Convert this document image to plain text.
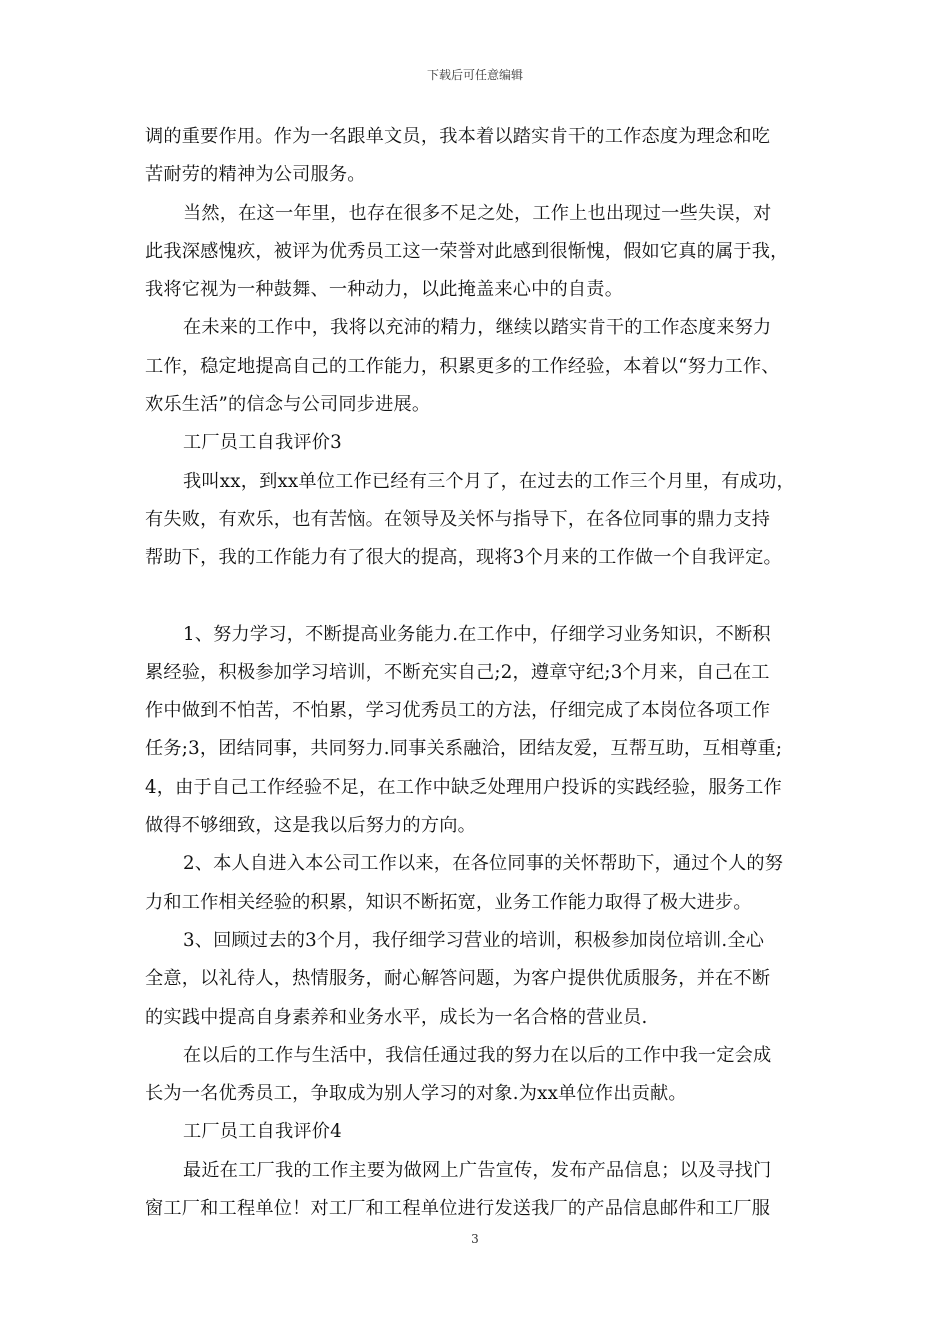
下载后可任意编辑
调的重要作用。作为一名跟单文员，我本着以踏实肯干的工作态度为理念和吃
苦耐劳的精神为公司服务。
当然，在这一年里，也存在很多不足之处，工作上也出现过一些失误，对
此我深感愧疚，被评为优秀员工这一荣誉对此感到很惭愧，假如它真的属于我，
我将它视为一种鼓舞、一种动力，以此掩盖来心中的自责。
在未来的工作中，我将以充沛的精力，继续以踏实肯干的工作态度来努力
工作，稳定地提高自己的工作能力，积累更多的工作经验，本着以“努力工作、
欢乐生活”的信念与公司同步进展。
工厂员工自我评价3
我叫xx，到xx单位工作已经有三个月了，在过去的工作三个月里，有成功，
有失败，有欢乐，也有苦恼。在领导及关怀与指导下，在各位同事的鼎力支持
帮助下，我的工作能力有了很大的提高，现将3个月来的工作做一个自我评定。
1、努力学习，不断提高业务能力.在工作中，仔细学习业务知识，不断积
累经验，积极参加学习培训，不断充实自己;2，遵章守纪;3个月来，自己在工
作中做到不怕苦，不怕累，学习优秀员工的方法，仔细完成了本岗位各项工作
任务;3，团结同事，共同努力.同事关系融洽，团结友爱，互帮互助，互相尊重;
4，由于自己工作经验不足，在工作中缺乏处理用户投诉的实践经验，服务工作
做得不够细致，这是我以后努力的方向。
2、本人自进入本公司工作以来，在各位同事的关怀帮助下，通过个人的努
力和工作相关经验的积累，知识不断拓宽，业务工作能力取得了极大进步。
3、回顾过去的3个月，我仔细学习营业的培训，积极参加岗位培训.全心
全意，以礼待人，热情服务，耐心解答问题，为客户提供优质服务，并在不断
的实践中提高自身素养和业务水平，成长为一名合格的营业员.
在以后的工作与生活中，我信任通过我的努力在以后的工作中我一定会成
长为一名优秀员工，争取成为别人学习的对象.为xx单位作出贡献。
工厂员工自我评价4
最近在工厂我的工作主要为做网上广告宣传，发布产品信息；以及寻找门
窗工厂和工程单位！对工厂和工程单位进行发送我厂的产品信息邮件和工厂服
3
